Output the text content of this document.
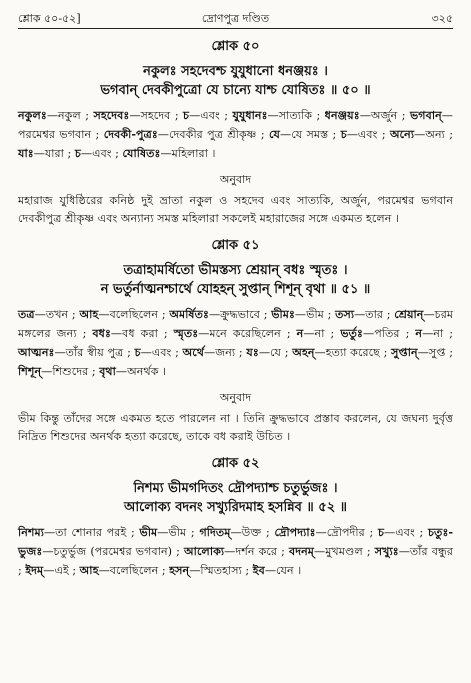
শ্লোক ৫০-৫২]	দ্রোণপুত্র দণ্ডিত	৩২৫
শ্লোক ৫০
নকুলঃ সহদেবশ্চ যুযুধানো ধনঞ্জয়ঃ ।
ভগবান্ দেবকীপুত্রো যে চান্যে যাশ্চ যোষিতঃ ॥ ৫০ ॥
নকুলঃ—নকুল ; সহদেবঃ—সহদেব ; চ—এবং ; যুযুধানঃ—সাত্যকি ; ধনঞ্জয়ঃ—অর্জুন ; ভগবান্—পরমেশ্বর ভগবান ; দেবকী-পুত্রঃ—দেবকীর পুত্র শ্রীকৃষ্ণ ; যে—যে সমস্ত ; চ—এবং ; অন্যে—অন্য ; যাঃ—যারা ; চ—এবং ; যোষিতঃ—মহিলারা ।
অনুবাদ
মহারাজ যুধিষ্ঠিরের কনিষ্ঠ দুই ভ্রাতা নকুল ও সহদেব এবং সাত্যকি, অর্জুন, পরমেশ্বর ভগবান দেবকীপুত্র শ্রীকৃষ্ণ এবং অন্যান্য সমস্ত মহিলারা সকলেই মহারাজের সঙ্গে একমত হলেন ।
শ্লোক ৫১
তত্রাহামর্ষিতো ভীমস্তস্য শ্রেয়ান্ বধঃ স্মৃতঃ ।
ন ভর্তুর্নাত্মনশ্চার্থে যোহহন্ সুপ্তান্ শিশূন্ বৃথা ॥ ৫১ ॥
তত্র—তখন ; আহ—বলেছিলেন ; অমর্ষিতঃ—ক্রুদ্ধভাবে ; ভীমঃ—ভীম ; তস্য—তার ; শ্রেয়ান্—চরম মঙ্গলের জন্য ; বধঃ—বধ করা ; স্মৃতঃ—মনে করেছিলেন ; ন—না ; ভর্তুঃ—পতির ; ন—না ; আত্মনঃ—তাঁর স্বীয় পুত্র ; চ—এবং ; অর্থে—জন্য ; যঃ—যে ; অহন্—হত্যা করেছে ; সুপ্তান্—সুপ্ত ; শিশূন্—শিশুদের ; বৃথা—অনর্থক ।
অনুবাদ
ভীম কিন্তু তাঁদের সঙ্গে একমত হতে পারলেন না । তিনি ক্রুদ্ধভাবে প্রস্তাব করলেন, যে জঘন্য দুর্বৃত্ত নিদ্রিত শিশুদের অনর্থক হত্যা করেছে, তাকে বধ করাই উচিত ।
শ্লোক ৫২
নিশম্য ভীমগদিতং দ্রৌপদ্যাশ্চ চতুর্ভুজঃ ।
আলোক্য বদনং সখ্যুরিদমাহ হসন্নিব ॥ ৫২ ॥
নিশম্য—তা শোনার পরই ; ভীম—ভীম ; গদিতম্—উক্ত ; দ্রৌপদ্যাঃ—দ্রৌপদীর ; চ—এবং ; চতুঃ-ভুজঃ—চতুর্ভুজ (পরমেশ্বর ভগবান) ; আলোক্য—দর্শন করে ; বদনম্—মুখমণ্ডল ; সখ্যুঃ—তাঁর বন্ধুর ; ইদম্—এই ; আহ—বলেছিলেন ; হসন্—স্মিতহাস্য ; ইব—যেন ।
